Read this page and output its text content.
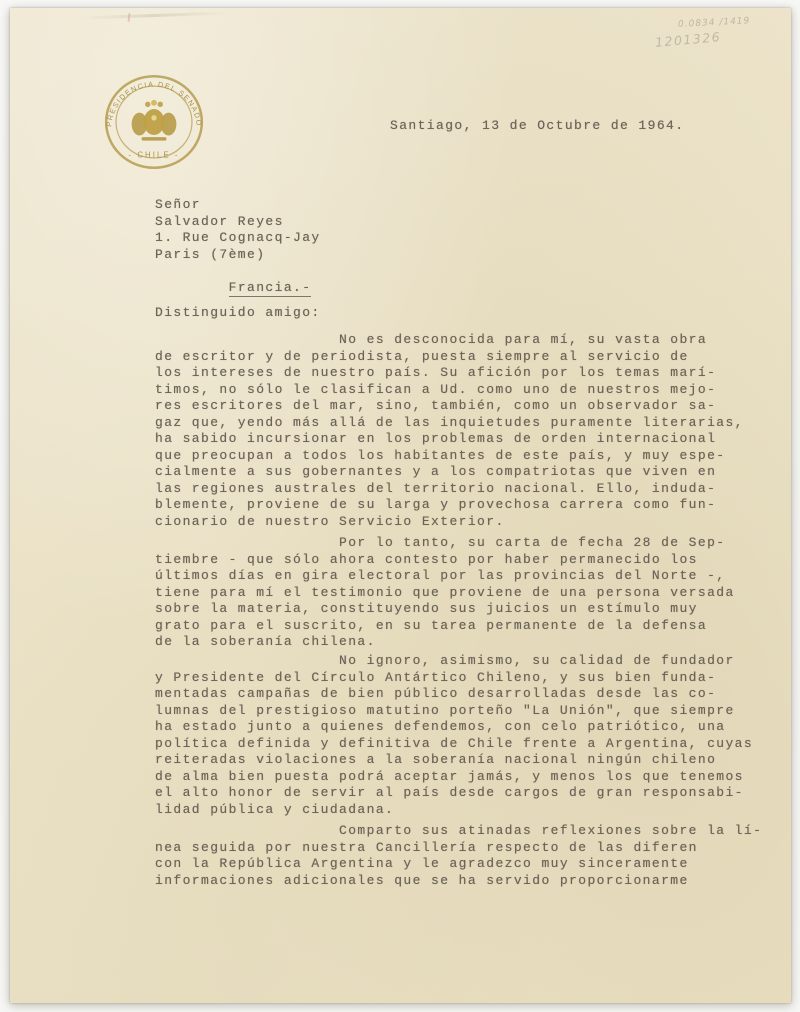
PRESIDENCIA DEL SENADO
- CHILE -
0.0834 /1419
1201326
Santiago, 13 de Octubre de 1964.
Señor
Salvador Reyes
1. Rue Cognacq-Jay
Paris (7ème)

Francia.-

Distinguido amigo:
No es desconocida para mí, su vasta obra
de escritor y de periodista, puesta siempre al servicio de
los intereses de nuestro país. Su afición por los temas marí-
timos, no sólo le clasifican a Ud. como uno de nuestros mejo-
res escritores del mar, sino, también, como un observador sa-
gaz que, yendo más allá de las inquietudes puramente literarias,
ha sabido incursionar en los problemas de orden internacional
que preocupan a todos los habitantes de este país, y muy espe-
cialmente a sus gobernantes y a los compatriotas que viven en
las regiones australes del territorio nacional. Ello, induda-
blemente, proviene de su larga y provechosa carrera como fun-
cionario de nuestro Servicio Exterior.
Por lo tanto, su carta de fecha 28 de Sep-
tiembre - que sólo ahora contesto por haber permanecido los
últimos días en gira electoral por las provincias del Norte -,
tiene para mí el testimonio que proviene de una persona versada
sobre la materia, constituyendo sus juicios un estímulo muy
grato para el suscrito, en su tarea permanente de la defensa
de la soberanía chilena.
No ignoro, asimismo, su calidad de fundador
y Presidente del Círculo Antártico Chileno, y sus bien funda-
mentadas campañas de bien público desarrolladas desde las co-
lumnas del prestigioso matutino porteño "La Unión", que siempre
ha estado junto a quienes defendemos, con celo patriótico, una
política definida y definitiva de Chile frente a Argentina, cuyas
reiteradas violaciones a la soberanía nacional ningún chileno
de alma bien puesta podrá aceptar jamás, y menos los que tenemos
el alto honor de servir al país desde cargos de gran responsabi-
lidad pública y ciudadana.
Comparto sus atinadas reflexiones sobre la lí-
nea seguida por nuestra Cancillería respecto de las diferen
con la República Argentina y le agradezco muy sinceramente
informaciones adicionales que se ha servido proporcionarme
